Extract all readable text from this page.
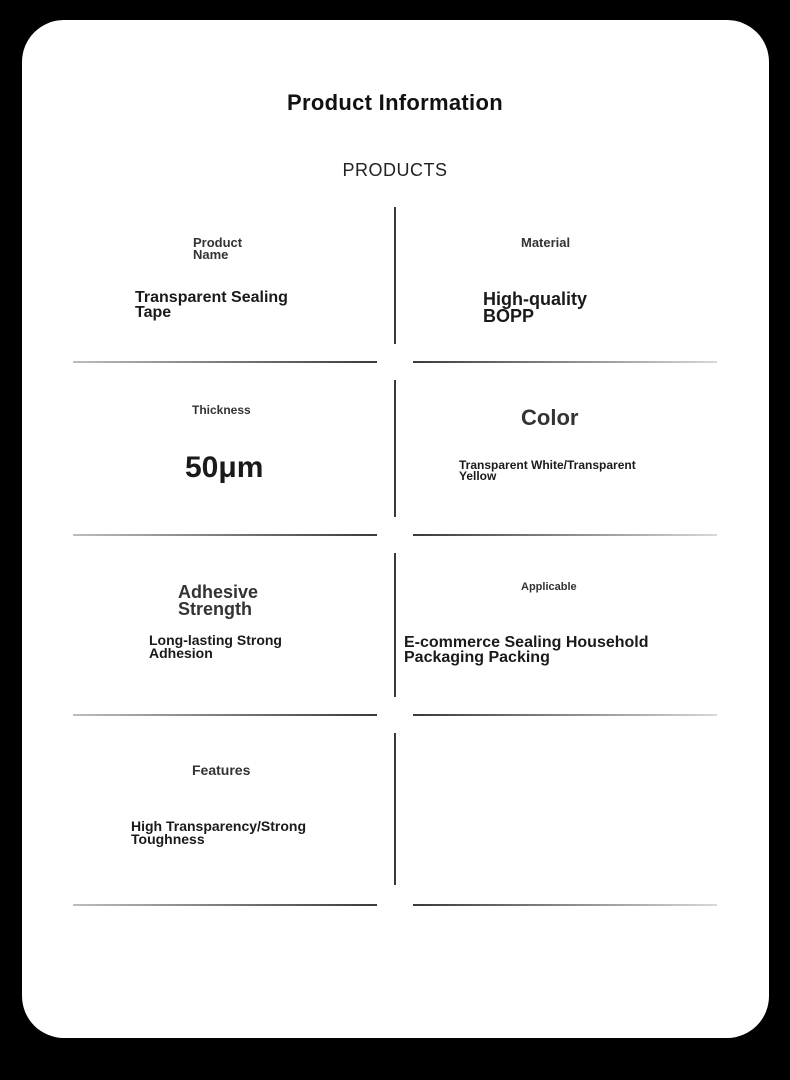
Product Information
PRODUCTS
Product Name
Transparent Sealing Tape
Material
High-quality BOPP
Thickness
50μm
Color
Transparent White/Transparent Yellow
Adhesive Strength
Long-lasting Strong Adhesion
Applicable
E-commerce Sealing Household Packaging Packing
Features
High Transparency/Strong Toughness
